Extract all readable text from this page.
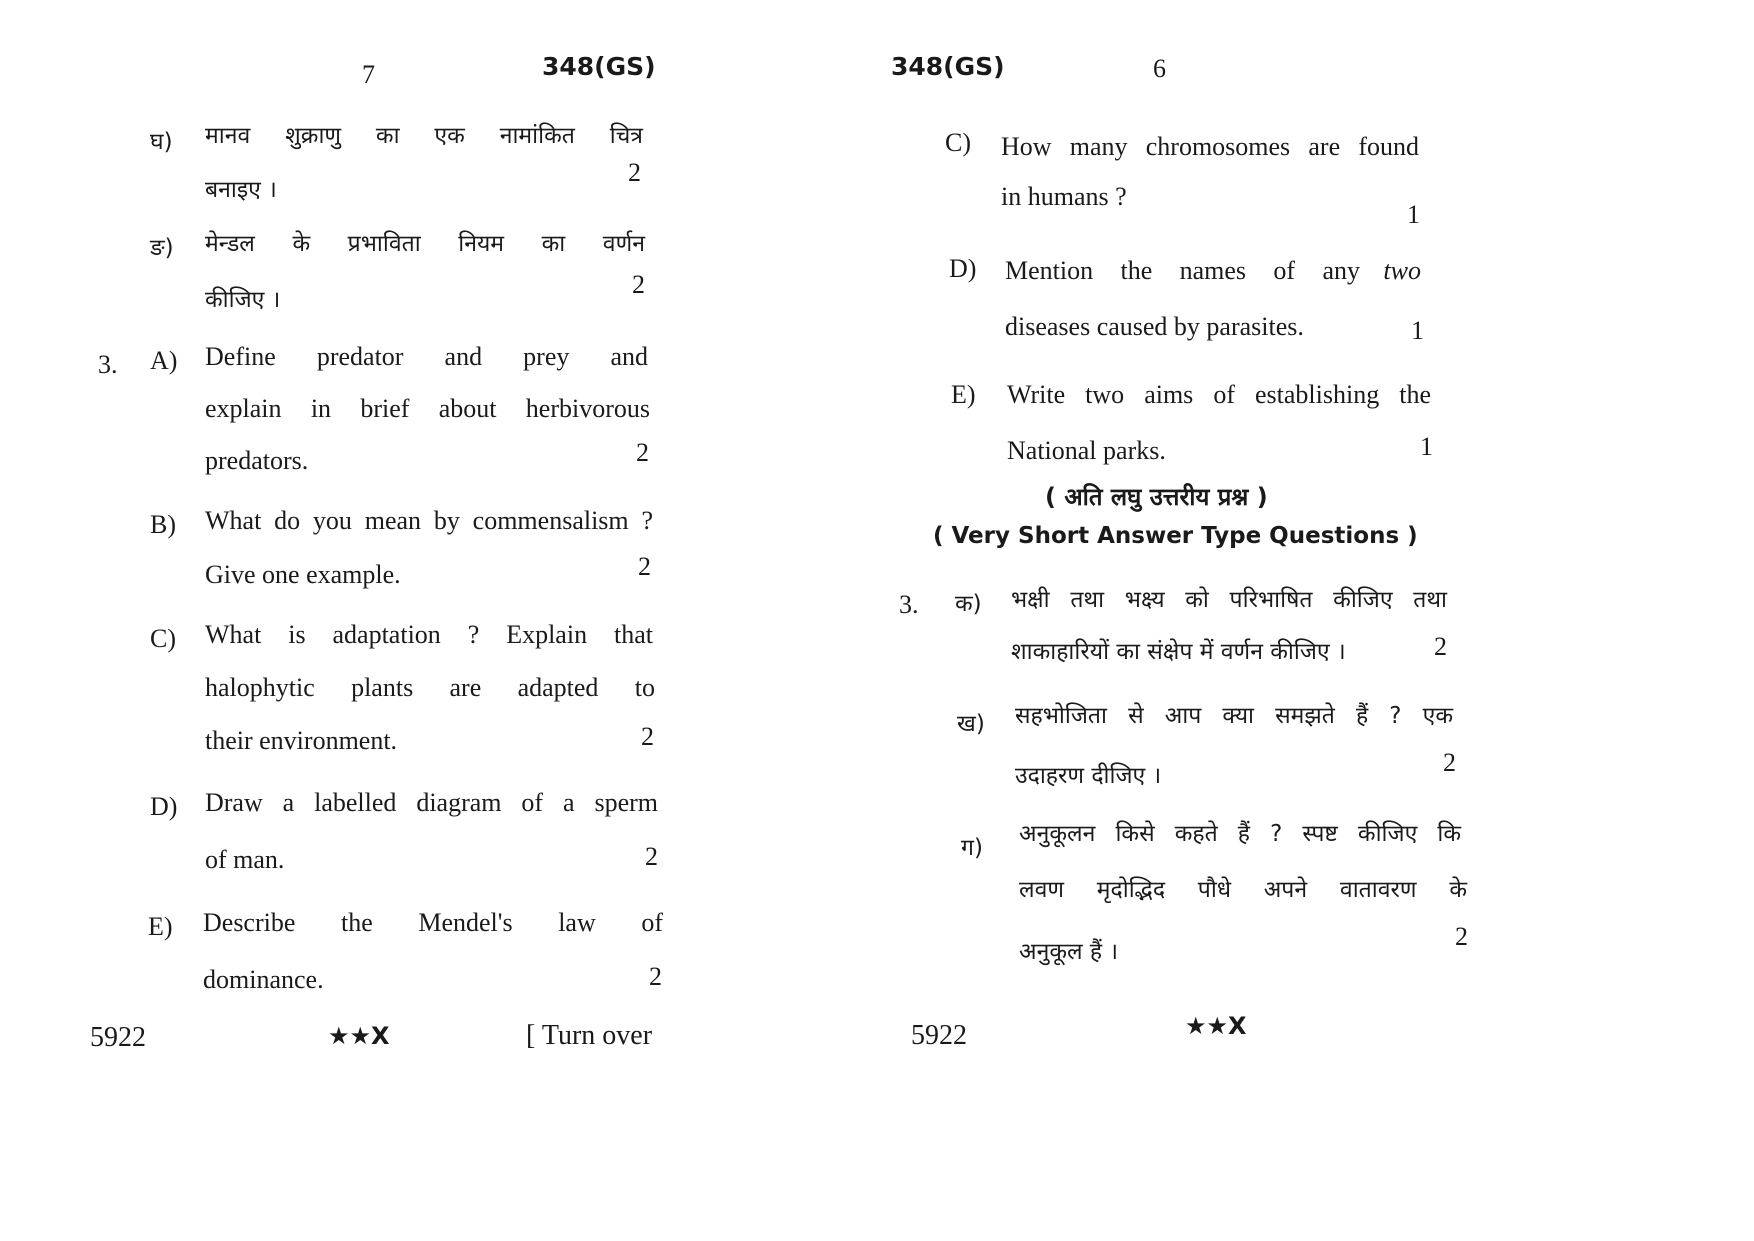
7	348(GS)
घ) मानव शुक्राणु का एक नामांकित चित्र
बनाइए ।
2
ङ) मेन्डल के प्रभाविता नियम का वर्णन
कीजिए ।
2
3. A) Define predator and prey and
explain in brief about herbivorous
predators.	2
B) What do you mean by commensalism ?
Give one example.	2
C) What is adaptation ? Explain that
halophytic plants are adapted to
their environment.	2
D) Draw a labelled diagram of a sperm
of man.	2
E) Describe the Mendel's law of
dominance.	2
5922	★★X	[ Turn over
348(GS)	6
C) How many chromosomes are found
in humans ?
1
D) Mention the names of any two
diseases caused by parasites.	1
E) Write two aims of establishing the
National parks.	1
( अति लघु उत्तरीय प्रश्न )
( Very Short Answer Type Questions )
3. क) भक्षी तथा भक्ष्य को परिभाषित कीजिए तथा
शाकाहारियों का संक्षेप में वर्णन कीजिए ।	2
ख) सहभोजिता से आप क्या समझते हैं ? एक
उदाहरण दीजिए ।	2
ग)
अनुकूलन किसे कहते हैं ? स्पष्ट कीजिए कि
लवण मृदोद्भिद पौधे अपने वातावरण के
अनुकूल हैं ।
2
5922	★★X
